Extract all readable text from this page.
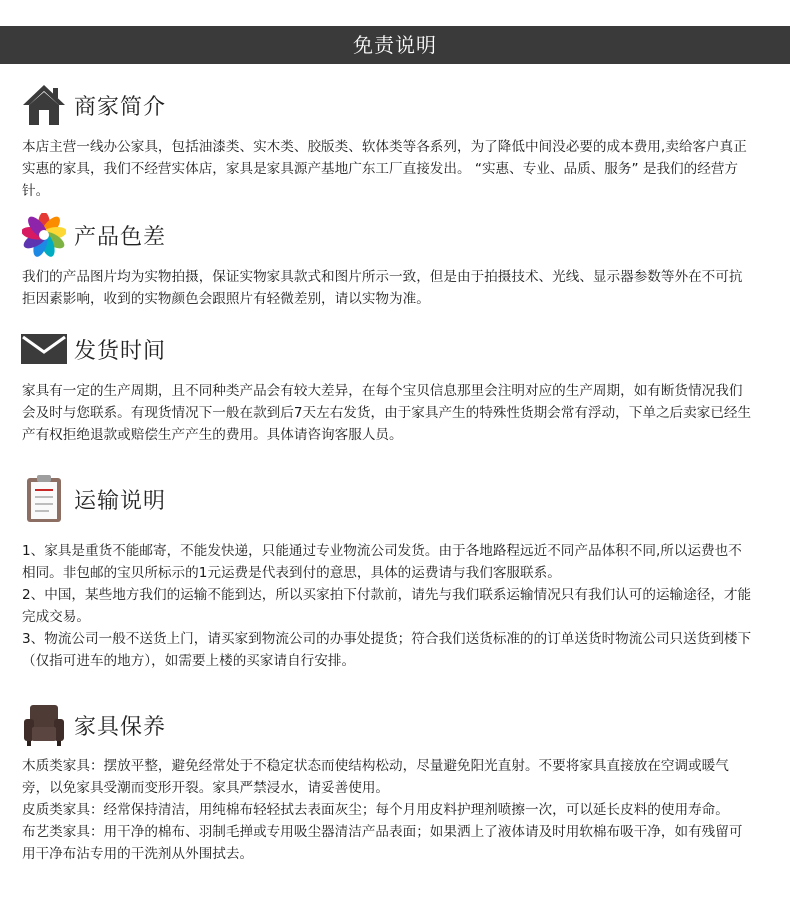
免责说明
商家简介

本店主营一线办公家具，包括油漆类、实木类、胶版类、软体类等各系列，为了降低中间没必要的成本费用,卖给客户真正实惠的家具，我们不经营实体店，家具是家具源产基地广东工厂直接发出。 “实惠、专业、品质、服务” 是我们的经营方针。

产品色差

我们的产品图片均为实物拍摄，保证实物家具款式和图片所示一致，但是由于拍摄技术、光线、显示器参数等外在不可抗拒因素影响，收到的实物颜色会跟照片有轻微差别，请以实物为准。

发货时间

家具有一定的生产周期，且不同种类产品会有较大差异，在每个宝贝信息那里会注明对应的生产周期，如有断货情况我们会及时与您联系。有现货情况下一般在款到后7天左右发货，由于家具产生的特殊性货期会常有浮动，下单之后卖家已经生产有权拒绝退款或赔偿生产产生的费用。具体请咨询客服人员。

运输说明

1、家具是重货不能邮寄，不能发快递，只能通过专业物流公司发货。由于各地路程远近不同产品体积不同,所以运费也不相同。非包邮的宝贝所标示的1元运费是代表到付的意思，具体的运费请与我们客服联系。

2、中国，某些地方我们的运输不能到达，所以买家拍下付款前，请先与我们联系运输情况只有我们认可的运输途径，才能完成交易。

3、物流公司一般不送货上门，请买家到物流公司的办事处提货；符合我们送货标准的的订单送货时物流公司只送货到楼下（仅指可进车的地方），如需要上楼的买家请自行安排。

家具保养

木质类家具：摆放平整，避免经常处于不稳定状态而使结构松动，尽量避免阳光直射。不要将家具直接放在空调或暖气旁，以免家具受潮而变形开裂。家具严禁浸水，请妥善使用。

皮质类家具：经常保持清洁，用纯棉布轻轻拭去表面灰尘；每个月用皮料护理剂喷擦一次，可以延长皮料的使用寿命。

布艺类家具：用干净的棉布、羽制毛掸或专用吸尘器清洁产品表面；如果洒上了液体请及时用软棉布吸干净，如有残留可用干净布沾专用的干洗剂从外围拭去。
